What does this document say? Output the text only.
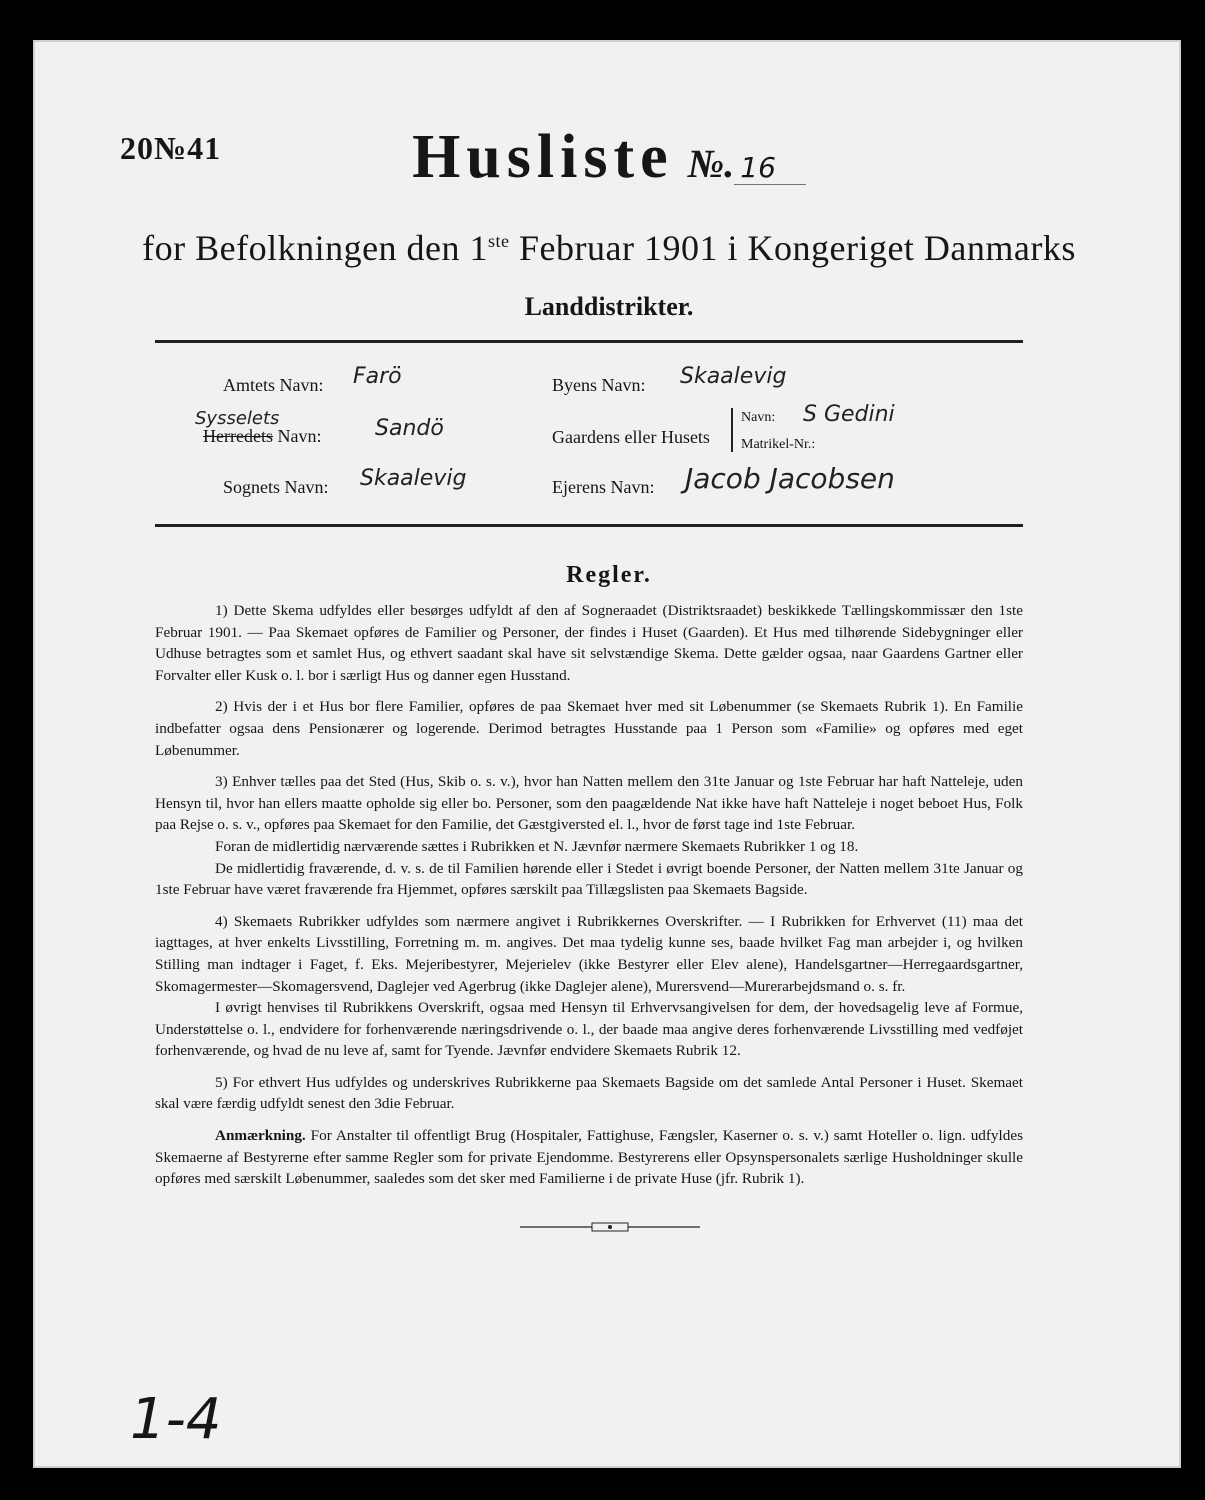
20№41	Husliste №. 16
for Befolkningen den 1ste Februar 1901 i Kongeriget Danmarks
Landdistrikter.
Amtets Navn: Farö	Byens Navn: Skaalevig
Sysselets
Herredets Navn: Sandö	Gaardens eller Husets
Navn: S Gedini
Matrikel-Nr.:
Sognets Navn: Skaalevig	Ejerens Navn: Jacob Jacobsen
Regler.

1) Dette Skema udfyldes eller besørges udfyldt af den af Sogneraadet (Distriktsraadet) beskikkede Tællingskommissær den 1ste Februar 1901. — Paa Skemaet opføres de Familier og Personer, der findes i Huset (Gaarden). Et Hus med tilhørende Sidebygninger eller Udhuse betragtes som et samlet Hus, og ethvert saadant skal have sit selvstændige Skema. Dette gælder ogsaa, naar Gaardens Gartner eller Forvalter eller Kusk o. l. bor i særligt Hus og danner egen Husstand.

2) Hvis der i et Hus bor flere Familier, opføres de paa Skemaet hver med sit Løbenummer (se Skemaets Rubrik 1). En Familie indbefatter ogsaa dens Pensionærer og logerende. Derimod betragtes Husstande paa 1 Person som «Familie» og opføres med eget Løbenummer.

3) Enhver tælles paa det Sted (Hus, Skib o. s. v.), hvor han Natten mellem den 31te Januar og 1ste Februar har haft Natteleje, uden Hensyn til, hvor han ellers maatte opholde sig eller bo. Personer, som den paagældende Nat ikke have haft Natteleje i noget beboet Hus, Folk paa Rejse o. s. v., opføres paa Skemaet for den Familie, det Gæstgiversted el. l., hvor de først tage ind 1ste Februar.

Foran de midlertidig nærværende sættes i Rubrikken et N. Jævnfør nærmere Skemaets Rubrikker 1 og 18.

De midlertidig fraværende, d. v. s. de til Familien hørende eller i Stedet i øvrigt boende Personer, der Natten mellem 31te Januar og 1ste Februar have været fraværende fra Hjemmet, opføres særskilt paa Tillægslisten paa Skemaets Bagside.

4) Skemaets Rubrikker udfyldes som nærmere angivet i Rubrikkernes Overskrifter. — I Rubrikken for Erhvervet (11) maa det iagttages, at hver enkelts Livsstilling, Forretning m. m. angives. Det maa tydelig kunne ses, baade hvilket Fag man arbejder i, og hvilken Stilling man indtager i Faget, f. Eks. Mejeribestyrer, Mejerielev (ikke Bestyrer eller Elev alene), Handelsgartner—Herregaardsgartner, Skomagermester—Skomagersvend, Daglejer ved Agerbrug (ikke Daglejer alene), Murersvend—Murerarbejdsmand o. s. fr.

I øvrigt henvises til Rubrikkens Overskrift, ogsaa med Hensyn til Erhvervsangivelsen for dem, der hovedsagelig leve af Formue, Understøttelse o. l., endvidere for forhenværende næringsdrivende o. l., der baade maa angive deres forhenværende Livsstilling med vedføjet forhenværende, og hvad de nu leve af, samt for Tyende. Jævnfør endvidere Skemaets Rubrik 12.

5) For ethvert Hus udfyldes og underskrives Rubrikkerne paa Skemaets Bagside om det samlede Antal Personer i Huset. Skemaet skal være færdig udfyldt senest den 3die Februar.

Anmærkning. For Anstalter til offentligt Brug (Hospitaler, Fattighuse, Fængsler, Kaserner o. s. v.) samt Hoteller o. lign. udfyldes Skemaerne af Bestyrerne efter samme Regler som for private Ejendomme. Bestyrerens eller Opsynspersonalets særlige Husholdninger skulle opføres med særskilt Løbenummer, saaledes som det sker med Familierne i de private Huse (jfr. Rubrik 1).

1-4
